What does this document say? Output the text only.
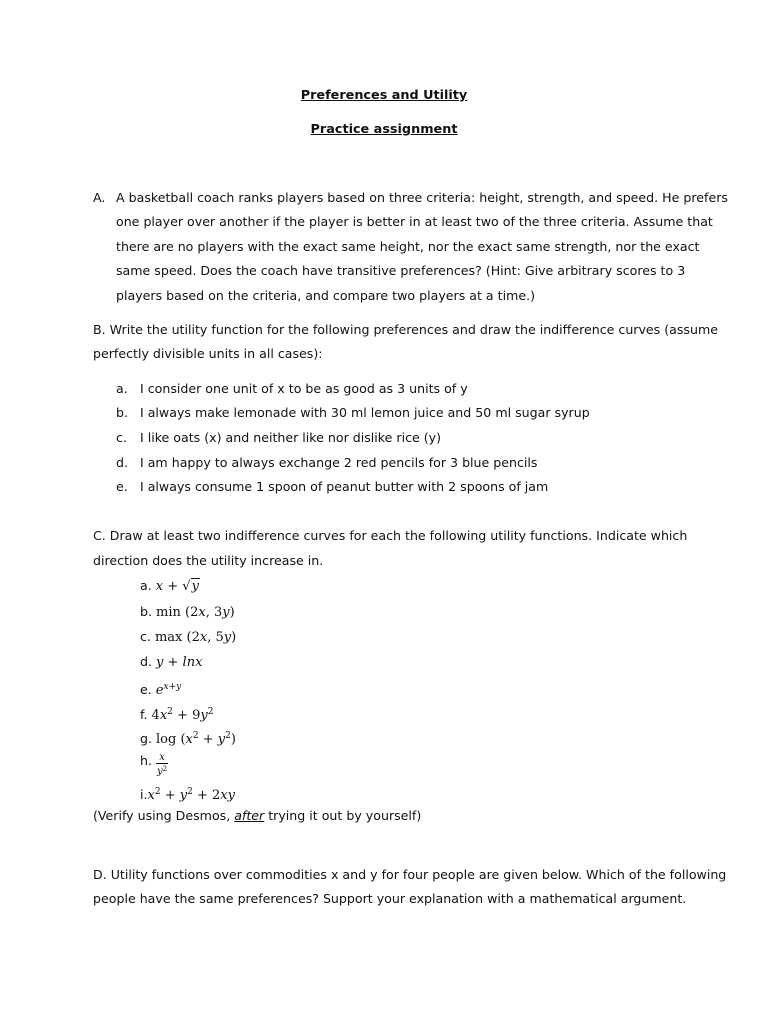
Preferences and Utility
Practice assignment
A. A basketball coach ranks players based on three criteria: height, strength, and speed. He prefers
one player over another if the player is better in at least two of the three criteria. Assume that
there are no players with the exact same height, nor the exact same strength, nor the exact
same speed. Does the coach have transitive preferences? (Hint: Give arbitrary scores to 3
players based on the criteria, and compare two players at a time.)
B. Write the utility function for the following preferences and draw the indifference curves (assume
perfectly divisible units in all cases):
a. I consider one unit of x to be as good as 3 units of y
b. I always make lemonade with 30 ml lemon juice and 50 ml sugar syrup
c. I like oats (x) and neither like nor dislike rice (y)
d. I am happy to always exchange 2 red pencils for 3 blue pencils
e. I always consume 1 spoon of peanut butter with 2 spoons of jam
C. Draw at least two indifference curves for each the following utility functions. Indicate which
direction does the utility increase in.
a. x + √y
b. min (2x, 3y)
c. max (2x, 5y)
d. y + lnx
e. $e^{x+y}$
f. $4x^2 + 9y^2$
g. $\log (x^2 + y^2)$
h. $\frac{x}{y^2}$
$i.x^2 + y^2 + 2xy$
(Verify using Desmos, after trying it out by yourself)
D. Utility functions over commodities x and y for four people are given below. Which of the following
people have the same preferences? Support your explanation with a mathematical argument.
